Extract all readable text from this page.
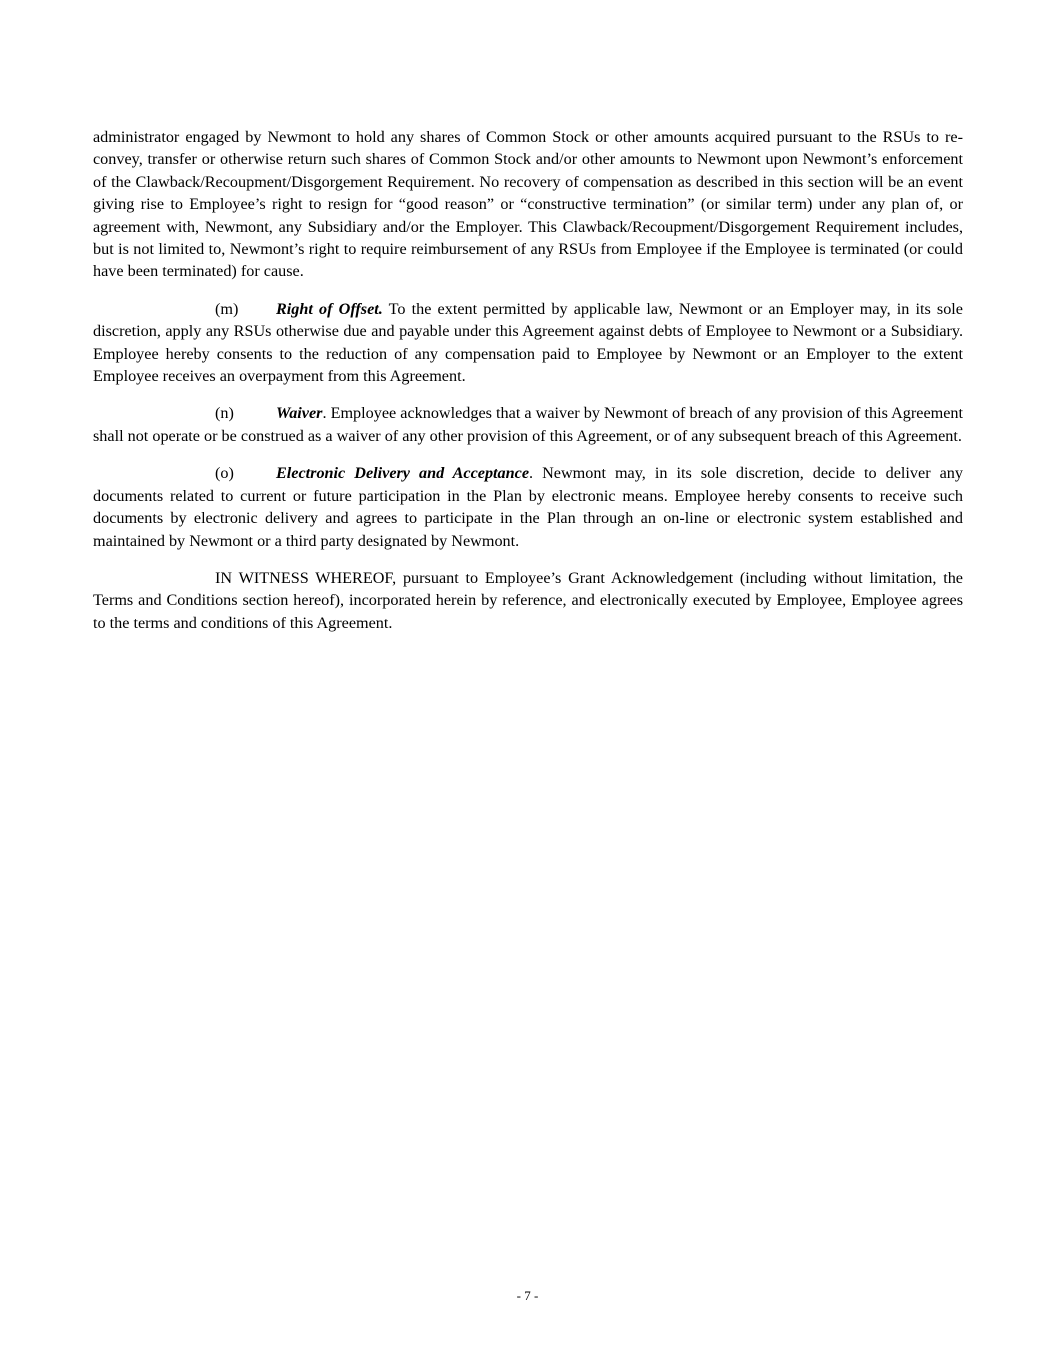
administrator engaged by Newmont to hold any shares of Common Stock or other amounts acquired pursuant to the RSUs to re-convey, transfer or otherwise return such shares of Common Stock and/or other amounts to Newmont upon Newmont’s enforcement of the Clawback/Recoupment/Disgorgement Requirement. No recovery of compensation as described in this section will be an event giving rise to Employee’s right to resign for “good reason” or “constructive termination” (or similar term) under any plan of, or agreement with, Newmont, any Subsidiary and/or the Employer. This Clawback/Recoupment/Disgorgement Requirement includes, but is not limited to, Newmont’s right to require reimbursement of any RSUs from Employee if the Employee is terminated (or could have been terminated) for cause.

(m) Right of Offset. To the extent permitted by applicable law, Newmont or an Employer may, in its sole discretion, apply any RSUs otherwise due and payable under this Agreement against debts of Employee to Newmont or a Subsidiary. Employee hereby consents to the reduction of any compensation paid to Employee by Newmont or an Employer to the extent Employee receives an overpayment from this Agreement.

(n)	Waiver. Employee acknowledges that a waiver by Newmont of breach of any provision of this Agreement shall not operate or be construed as a waiver of any other provision of this Agreement, or of any subsequent breach of this Agreement.

(o)	Electronic Delivery and Acceptance. Newmont may, in its sole discretion, decide to deliver any documents related to current or future participation in the Plan by electronic means. Employee hereby consents to receive such documents by electronic delivery and agrees to participate in the Plan through an on-line or electronic system established and maintained by Newmont or a third party designated by Newmont.

IN WITNESS WHEREOF, pursuant to Employee’s Grant Acknowledgement (including without limitation, the Terms and Conditions section hereof), incorporated herein by reference, and electronically executed by Employee, Employee agrees to the terms and conditions of this Agreement.

- 7 -
